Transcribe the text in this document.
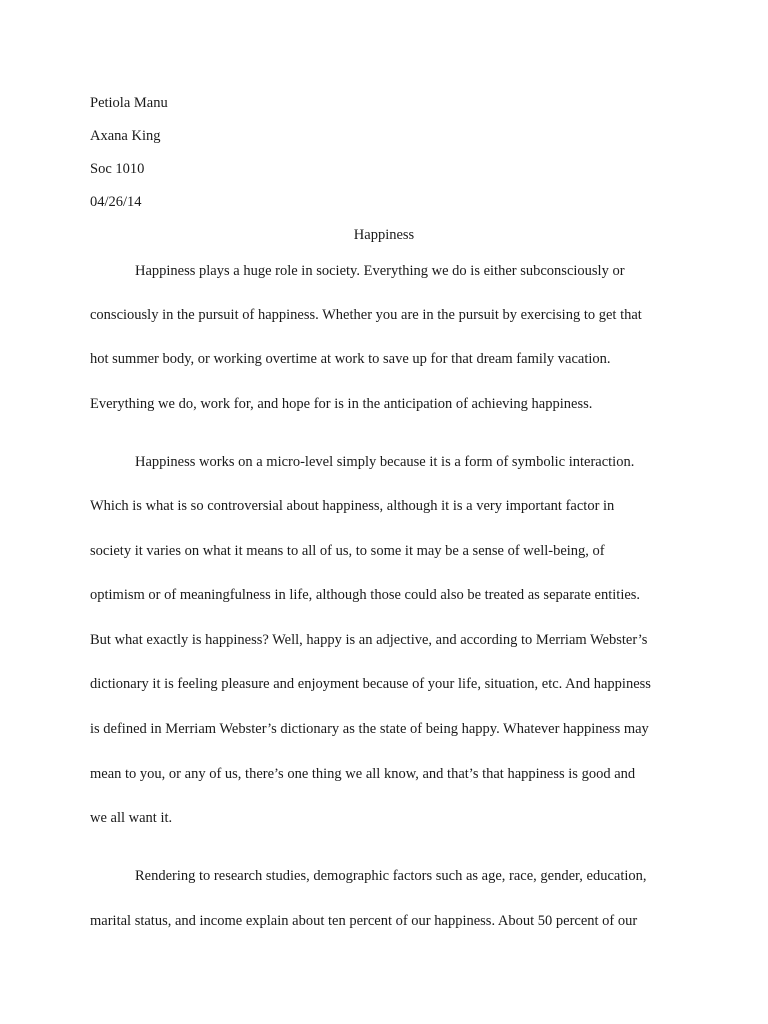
Petiola Manu
Axana King
Soc 1010
04/26/14
Happiness
Happiness plays a huge role in society. Everything we do is either subconsciously or
consciously in the pursuit of happiness. Whether you are in the pursuit by exercising to get that
hot summer body, or working overtime at work to save up for that dream family vacation.
Everything we do, work for, and hope for is in the anticipation of achieving happiness.
Happiness works on a micro-level simply because it is a form of symbolic interaction.
Which is what is so controversial about happiness, although it is a very important factor in
society it varies on what it means to all of us, to some it may be a sense of well-being, of
optimism or of meaningfulness in life, although those could also be treated as separate entities.
But what exactly is happiness? Well, happy is an adjective, and according to Merriam Webster’s
dictionary it is feeling pleasure and enjoyment because of your life, situation, etc. And happiness
is defined in Merriam Webster’s dictionary as the state of being happy. Whatever happiness may
mean to you, or any of us, there’s one thing we all know, and that’s that happiness is good and
we all want it.
Rendering to research studies, demographic factors such as age, race, gender, education,
marital status, and income explain about ten percent of our happiness. About 50 percent of our
